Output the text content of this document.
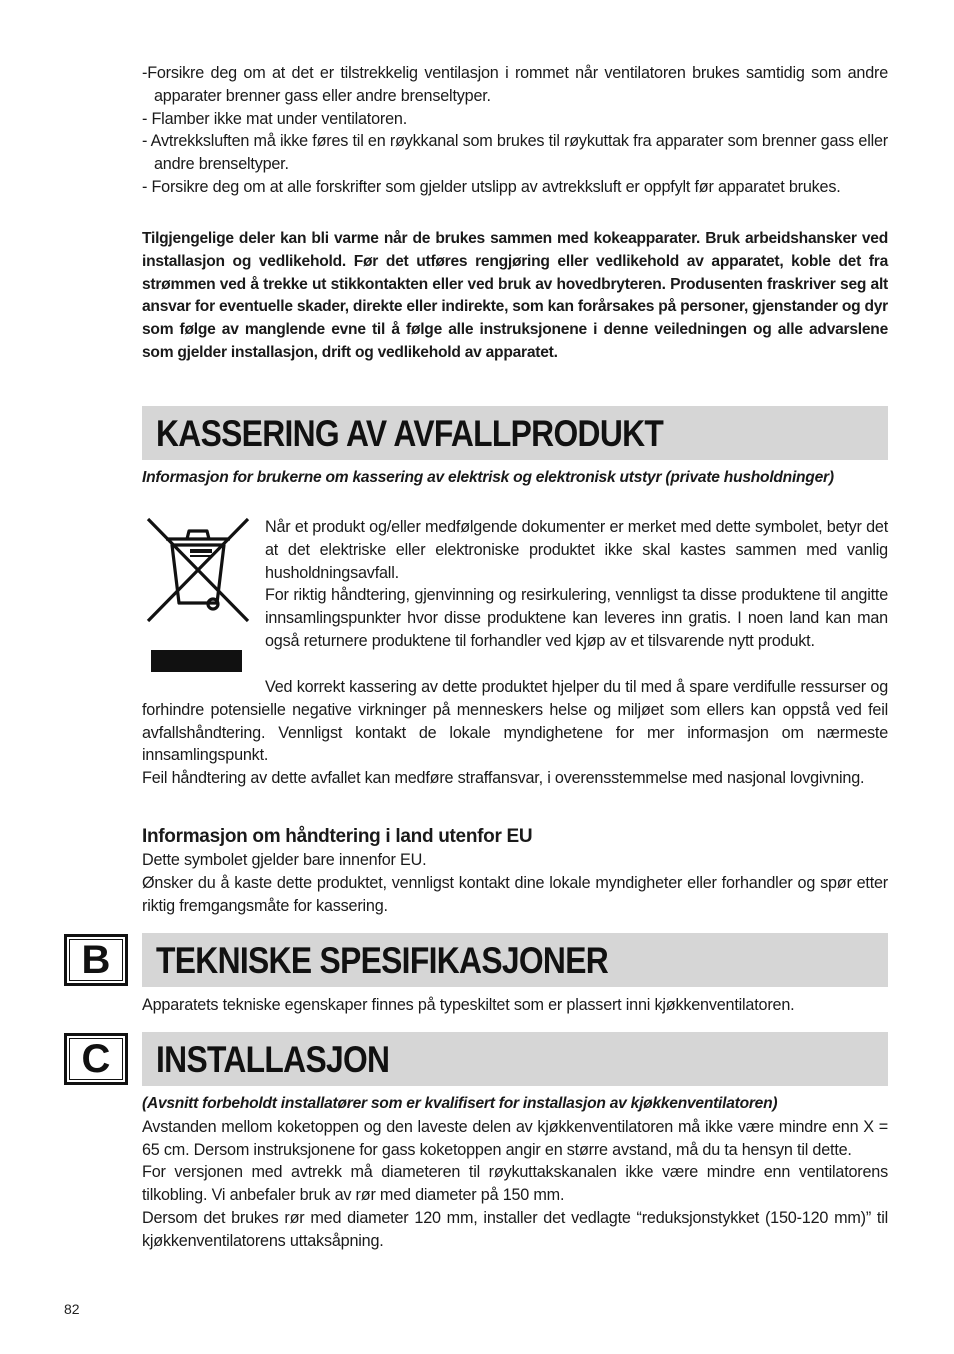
-Forsikre deg om at det er tilstrekkelig ventilasjon i rommet når ventilatoren brukes samtidig som andre apparater brenner gass eller andre brenseltyper.

- Flamber ikke mat under ventilatoren.

- Avtrekksluften må ikke føres til en røykkanal som brukes til røykuttak fra apparater som brenner gass eller andre brenseltyper.

- Forsikre deg om at alle forskrifter som gjelder utslipp av avtrekksluft er oppfylt før apparatet brukes.

Tilgjengelige deler kan bli varme når de brukes sammen med kokeapparater. Bruk arbeidshansker ved installasjon og vedlikehold. Før det utføres rengjøring eller vedlikehold av apparatet, koble det fra strømmen ved å trekke ut stikkontakten eller ved bruk av hovedbryteren. Produsenten fraskriver seg alt ansvar for eventuelle skader, direkte eller indirekte, som kan forårsakes på personer, gjenstander og dyr som følge av manglende evne til å følge alle instruksjonene i denne veiledningen og alle advarslene som gjelder installasjon, drift og vedlikehold av apparatet.

KASSERING AV AVFALLPRODUKT

Informasjon for brukerne om kassering av elektrisk og elektronisk utstyr (private husholdninger)

Når et produkt og/eller medfølgende dokumenter er merket med dette symbolet, betyr det at det elektriske eller elektroniske produktet ikke skal kastes sammen med vanlig husholdningsavfall.

For riktig håndtering, gjenvinning og resirkulering, vennligst ta disse produktene til angitte innsamlingspunkter hvor disse produktene kan leveres inn gratis. I noen land kan man også returnere produktene til forhandler ved kjøp av et tilsvarende nytt produkt.

Ved korrekt kassering av dette produktet hjelper du til med å spare verdifulle ressurser og forhindre potensielle negative virkninger på menneskers helse og miljøet som ellers kan oppstå ved feil avfallshåndtering. Vennligst kontakt de lokale myndighetene for mer informasjon om nærmeste innsamlingspunkt.

Feil håndtering av dette avfallet kan medføre straffansvar, i overensstemmelse med nasjonal lovgivning.

Informasjon om håndtering i land utenfor EU

Dette symbolet gjelder bare innenfor EU.

Ønsker du å kaste dette produktet, vennligst kontakt dine lokale myndigheter eller forhandler og spør etter riktig fremgangsmåte for kassering.

B	TEKNISKE SPESIFIKASJONER

Apparatets tekniske egenskaper finnes på typeskiltet som er plassert inni kjøkkenventilatoren.

C	INSTALLASJON

(Avsnitt forbeholdt installatører som er kvalifisert for installasjon av kjøkkenventilatoren)

Avstanden mellom koketoppen og den laveste delen av kjøkkenventilatoren må ikke være mindre enn X = 65 cm. Dersom instruksjonene for gass koketoppen angir en større avstand, må du ta hensyn til dette.

For versjonen med avtrekk må diameteren til røykuttakskanalen ikke være mindre enn ventilatorens tilkobling. Vi anbefaler bruk av rør med diameter på 150 mm.

Dersom det brukes rør med diameter 120 mm, installer det vedlagte “reduksjonstykket (150-120 mm)” til kjøkkenventilatorens uttaksåpning.

82
